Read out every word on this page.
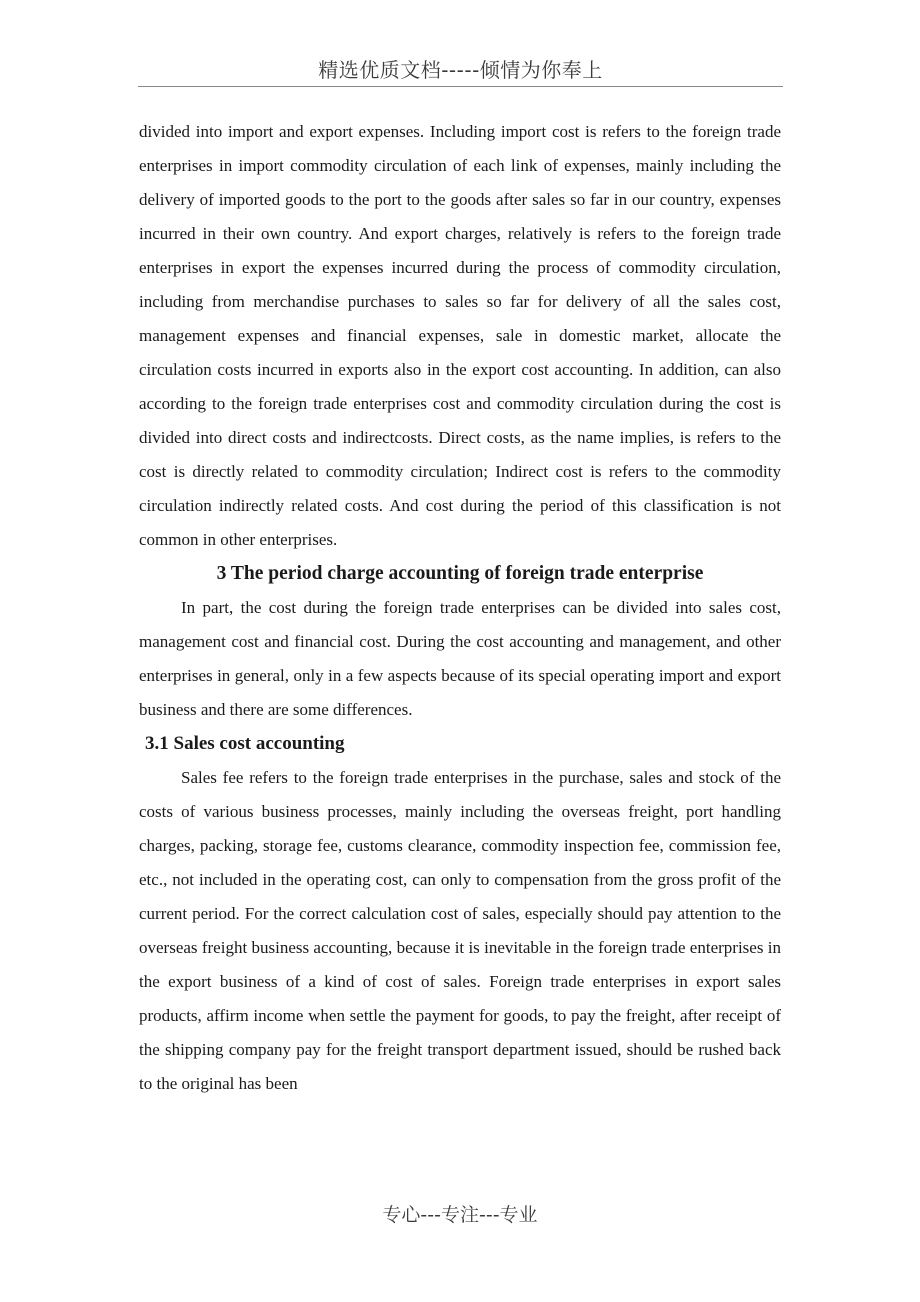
精选优质文档-----倾情为你奉上

divided into import and export expenses. Including import cost is refers to the foreign trade enterprises in import commodity circulation of each link of expenses, mainly including the delivery of imported goods to the port to the goods after sales so far in our country, expenses incurred in their own country. And export charges, relatively is refers to the foreign trade enterprises in export the expenses incurred during the process of commodity circulation, including from merchandise purchases to sales so far for delivery of all the sales cost, management expenses and financial expenses, sale in domestic market, allocate the circulation costs incurred in exports also in the export cost accounting. In addition, can also according to the foreign trade enterprises cost and commodity circulation during the cost is divided into direct costs and indirectcosts. Direct costs, as the name implies, is refers to the cost is directly related to commodity circulation; Indirect cost is refers to the commodity circulation indirectly related costs. And cost during the period of this classification is not common in other enterprises.

3 The period charge accounting of foreign trade enterprise

In part, the cost during the foreign trade enterprises can be divided into sales cost, management cost and financial cost. During the cost accounting and management, and other enterprises in general, only in a few aspects because of its special operating import and export business and there are some differences.

3.1 Sales cost accounting

Sales fee refers to the foreign trade enterprises in the purchase, sales and stock of the costs of various business processes, mainly including the overseas freight, port handling charges, packing, storage fee, customs clearance, commodity inspection fee, commission fee, etc., not included in the operating cost, can only to compensation from the gross profit of the current period. For the correct calculation cost of sales, especially should pay attention to the overseas freight business accounting, because it is inevitable in the foreign trade enterprises in the export business of a kind of cost of sales. Foreign trade enterprises in export sales products, affirm income when settle the payment for goods, to pay the freight, after receipt of the shipping company pay for the freight transport department issued, should be rushed back to the original has been

专心---专注---专业
